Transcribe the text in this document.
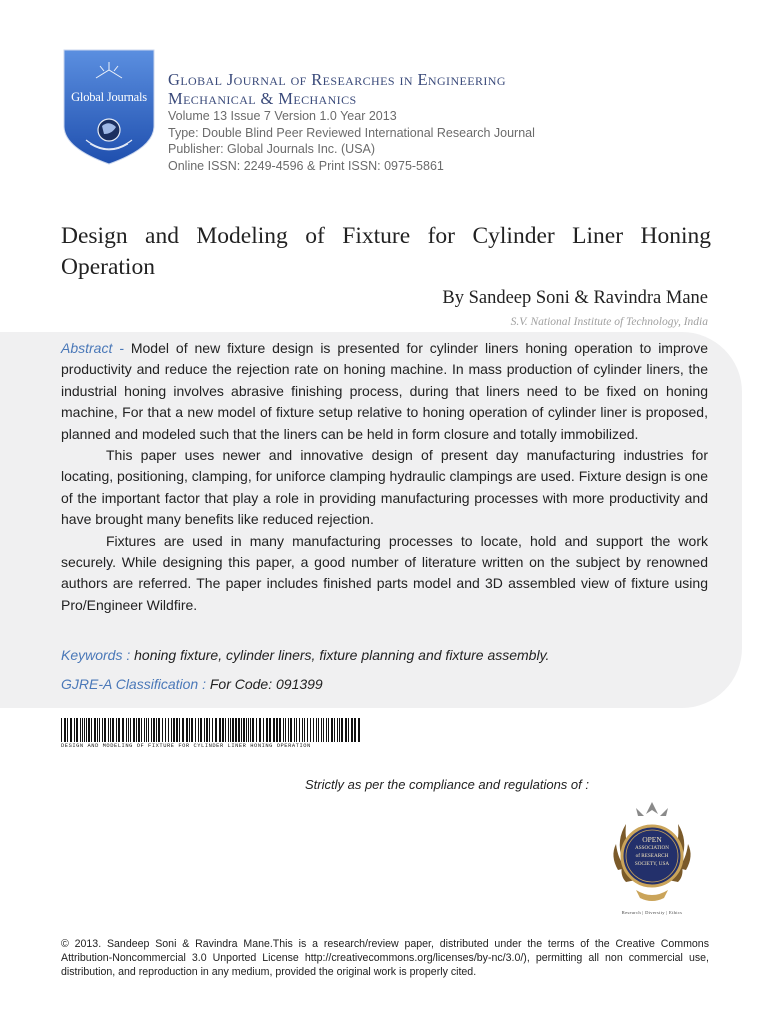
Global Journals
Global Journal of Researches in Engineering
Mechanical & Mechanics
Volume 13 Issue 7 Version 1.0 Year 2013
Type: Double Blind Peer Reviewed International Research Journal
Publisher: Global Journals Inc. (USA)
Online ISSN: 2249-4596 & Print ISSN: 0975-5861
Design and Modeling of Fixture for Cylinder Liner Honing Operation
By Sandeep Soni & Ravindra Mane
S.V. National Institute of Technology, India

Abstract - Model of new fixture design is presented for cylinder liners honing operation to improve productivity and reduce the rejection rate on honing machine. In mass production of cylinder liners, the industrial honing involves abrasive finishing process, during that liners need to be fixed on honing machine, For that a new model of fixture setup relative to honing operation of cylinder liner is proposed, planned and modeled such that the liners can be held in form closure and totally immobilized.

This paper uses newer and innovative design of present day manufacturing industries for locating, positioning, clamping, for uniforce clamping hydraulic clampings are used. Fixture design is one of the important factor that play a role in providing manufacturing processes with more productivity and have brought many benefits like reduced rejection.

Fixtures are used in many manufacturing processes to locate, hold and support the work securely. While designing this paper, a good number of literature written on the subject by renowned authors are referred. The paper includes finished parts model and 3D assembled view of fixture using Pro/Engineer Wildfire.

Keywords : honing fixture, cylinder liners, fixture planning and fixture assembly.
GJRE-A Classification : For Code: 091399
DESIGN AND MODELING OF FIXTURE FOR CYLINDER LINER HONING OPERATION
Strictly as per the compliance and regulations of :
OPEN
ASSOCIATION
of RESEARCH
SOCIETY, USA
Research | Diversity | Ethics
© 2013. Sandeep Soni & Ravindra Mane.This is a research/review paper, distributed under the terms of the Creative Commons Attribution-Noncommercial 3.0 Unported License http://creativecommons.org/licenses/by-nc/3.0/), permitting all non commercial use, distribution, and reproduction in any medium, provided the original work is properly cited.
